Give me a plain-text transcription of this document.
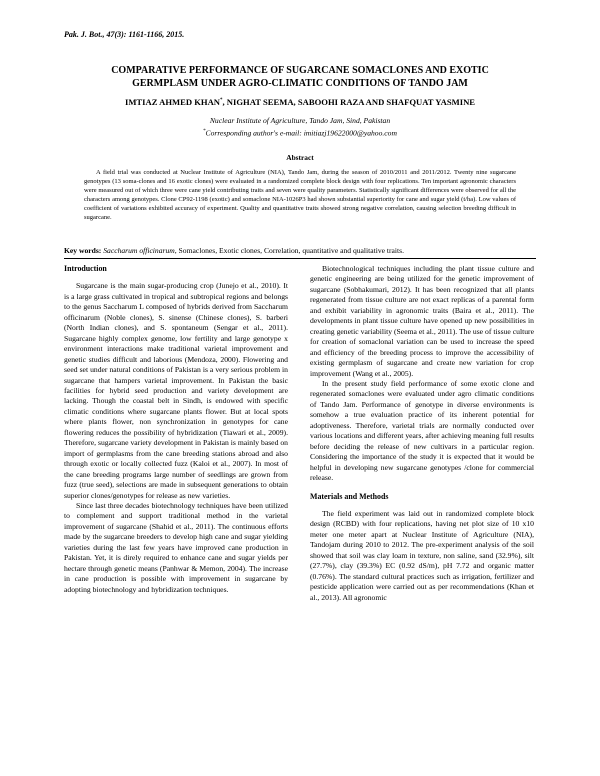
Pak. J. Bot., 47(3): 1161-1166, 2015.
COMPARATIVE PERFORMANCE OF SUGARCANE SOMACLONES AND EXOTIC
GERMPLASM UNDER AGRO-CLIMATIC CONDITIONS OF TANDO JAM
IMTIAZ AHMED KHAN*, NIGHAT SEEMA, SABOOHI RAZA AND SHAFQUAT YASMINE
Nuclear Institute of Agriculture, Tando Jam, Sind, Pakistan
*Corresponding author's e-mail: imitiazj19622000@yahoo.com
Abstract

A field trial was conducted at Nuclear Institute of Agriculture (NIA), Tando Jam, during the season of 2010/2011 and 2011/2012. Twenty nine sugarcane genotypes (13 soma-clones and 16 exotic clones) were evaluated in a randomized complete block design with four replications. Ten important agronomic characters were measured out of which three were cane yield contributing traits and seven were quality parameters. Statistically significant differences were observed for all the characters among genotypes. Clone CP92-1198 (exotic) and somaclone NIA-1026P3 had shown substantial superiority for cane and sugar yield (t/ha). Low values of coefficient of variations exhibited accuracy of experiment. Quality and quantitative traits showed strong negative correlation, causing selection breeding difficult in sugarcane.

Key words: Saccharum officinarum, Somaclones, Exotic clones, Correlation, quantitative and qualitative traits.

Introduction

Sugarcane is the main sugar-producing crop (Junejo et al., 2010). It is a large grass cultivated in tropical and subtropical regions and belongs to the genus Saccharum L composed of hybrids derived from Saccharum officinarum (Noble clones), S. sinense (Chinese clones), S. barberi (North Indian clones), and S. spontaneum (Sengar et al., 2011). Sugarcane highly complex genome, low fertility and large genotype x environment interactions make traditional varietal improvement and genetic studies difficult and laborious (Mendoza, 2000). Flowering and seed set under natural conditions of Pakistan is a very serious problem in sugarcane that hampers varietal improvement. In Pakistan the basic facilities for hybrid seed production and variety development are lacking. Though the coastal belt in Sindh, is endowed with specific climatic conditions where sugarcane plants flower. But at local spots where plants flower, non synchronization in genotypes for cane flowering reduces the possibility of hybridization (Tiawari et al., 2009). Therefore, sugarcane variety development in Pakistan is mainly based on import of germplasms from the cane breeding stations abroad and also through exotic or locally collected fuzz (Kaloi et al., 2007). In most of the cane breeding programs large number of seedlings are grown from fuzz (true seed), selections are made in subsequent generations to obtain superior clones/genotypes for release as new varieties.

Since last three decades biotechnology techniques have been utilized to complement and support traditional method in the varietal improvement of sugarcane (Shahid et al., 2011). The continuous efforts made by the sugarcane breeders to develop high cane and sugar yielding varieties during the last few years have improved cane production in Pakistan. Yet, it is direly required to enhance cane and sugar yields per hectare through genetic means (Panhwar & Memon, 2004). The increase in cane production is possible with improvement in sugarcane by adopting biotechnology and hybridization techniques.

Biotechnological techniques including the plant tissue culture and genetic engineering are being utilized for the genetic improvement of sugarcane (Sobhakumari, 2012). It has been recognized that all plants regenerated from tissue culture are not exact replicas of a parental form and exhibit variability in agronomic traits (Baira et al., 2011). The developments in plant tissue culture have opened up new possibilities in creating genetic variability (Seema et al., 2011). The use of tissue culture for creation of somaclonal variation can be used to increase the speed and efficiency of the breeding process to improve the accessibility of existing germplasm of sugarcane and create new variation for crop improvement (Wang et al., 2005).

In the present study field performance of some exotic clone and regenerated somaclones were evaluated under agro climatic conditions of Tando Jam. Performance of genotype in diverse environments is somehow a true evaluation practice of its inherent potential for adoptiveness. Therefore, varietal trials are normally conducted over various locations and different years, after achieving meaning full results before deciding the release of new cultivars in a particular region. Considering the importance of the study it is expected that it would be helpful in developing new sugarcane genotypes /clone for commercial release.

Materials and Methods

The field experiment was laid out in randomized complete block design (RCBD) with four replications, having net plot size of 10 x10 meter one meter apart at Nuclear Institute of Agriculture (NIA), Tandojam during 2010 to 2012. The pre-experiment analysis of the soil showed that soil was clay loam in texture, non saline, sand (32.9%), silt (27.7%), clay (39.3%) EC (0.92 dS/m), pH 7.72 and organic matter (0.76%). The standard cultural practices such as irrigation, fertilizer and pesticide application were carried out as per recommendations (Khan et al., 2013). All agronomic
